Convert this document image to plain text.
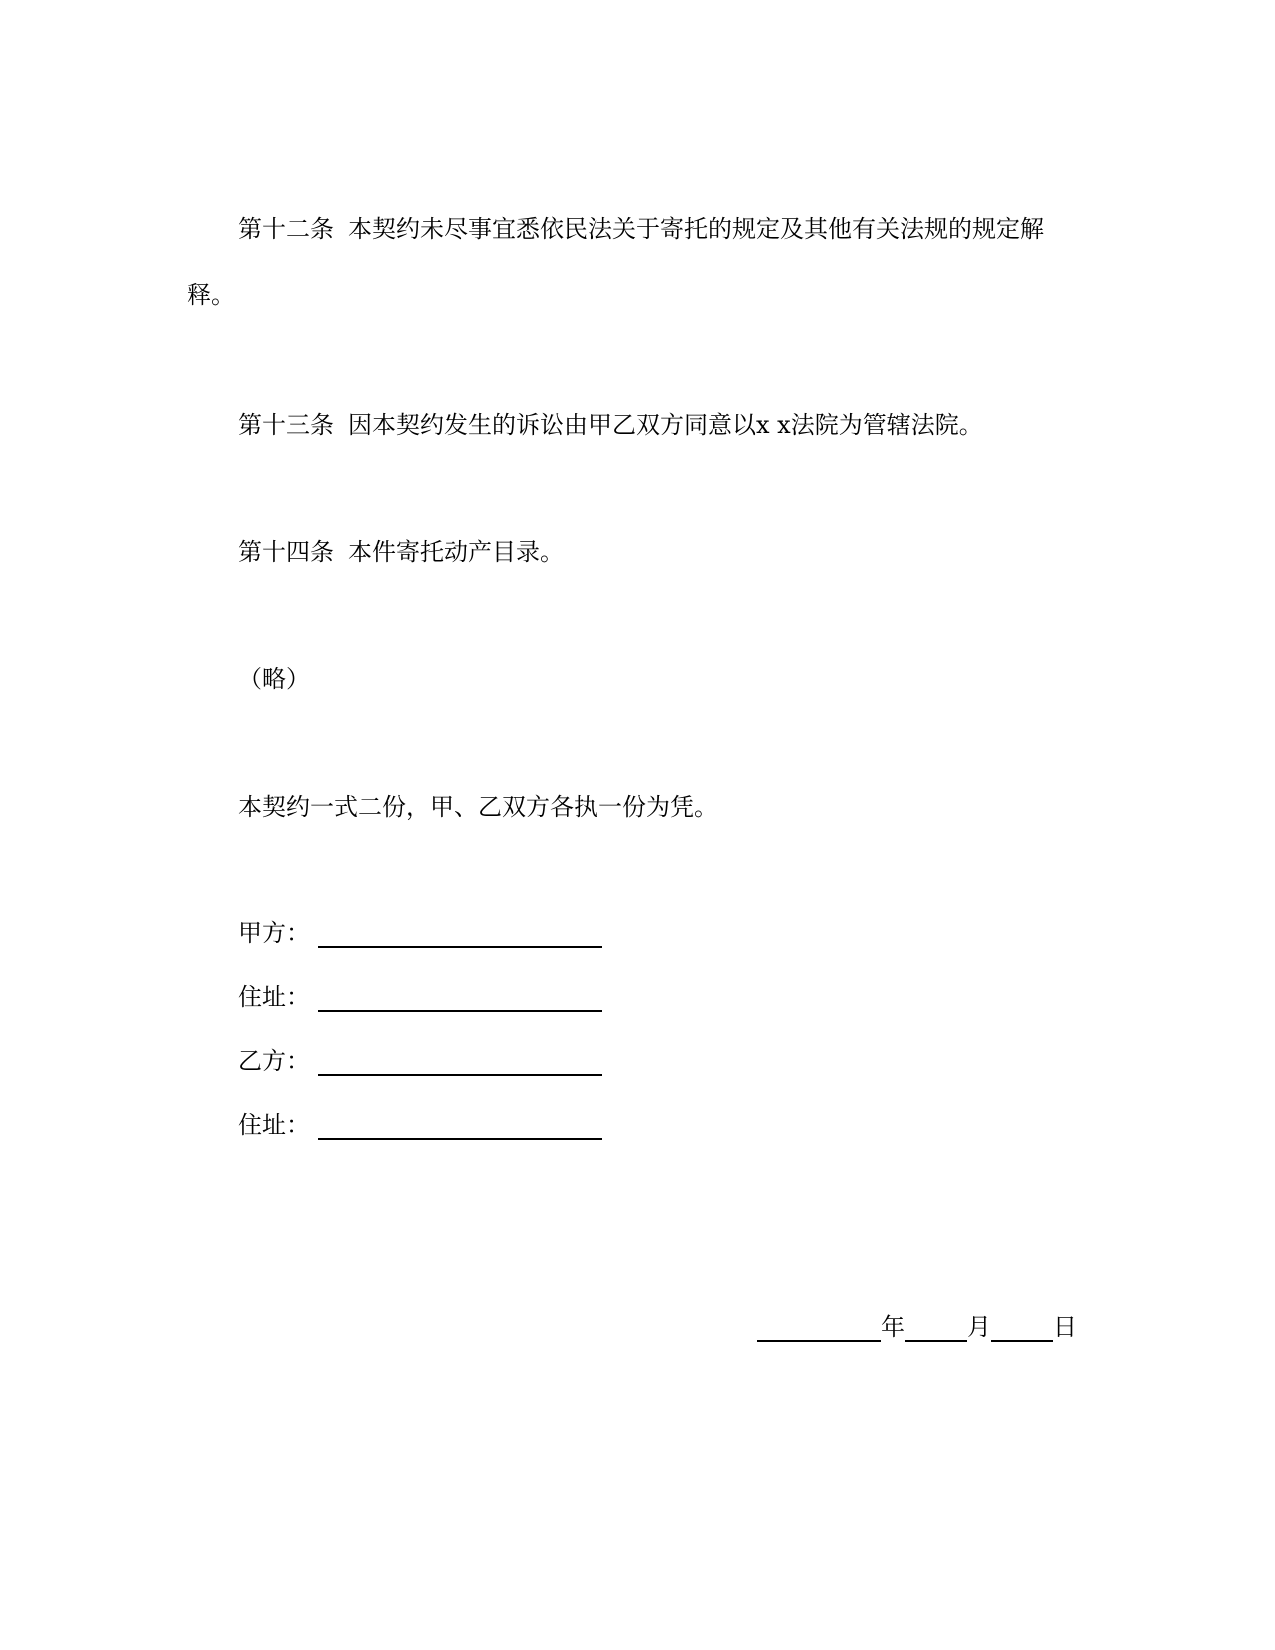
第十二条 本契约未尽事宜悉依民法关于寄托的规定及其他有关法规的规定解
释。
第十三条 因本契约发生的诉讼由甲乙双方同意以x x法院为管辖法院。
第十四条 本件寄托动产目录。
（略）
本契约一式二份，甲、乙双方各执一份为凭。
甲方：
住址：
乙方：
住址：
年	月	日
